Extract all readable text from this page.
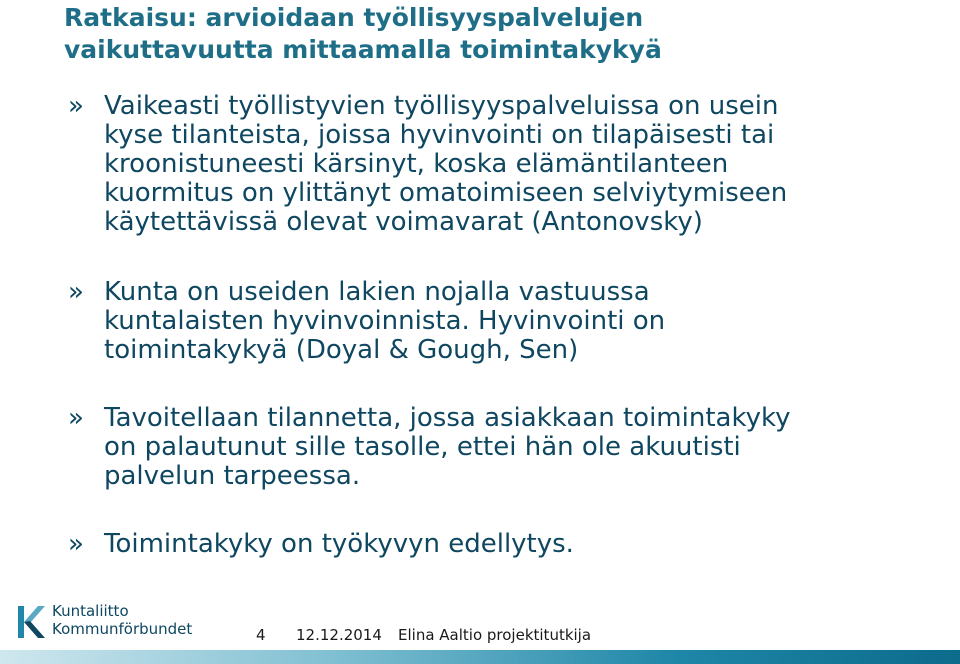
Ratkaisu: arvioidaan työllisyyspalvelujen
vaikuttavuutta mittaamalla toimintakykyä
» Vaikeasti työllistyvien työllisyyspalveluissa on usein
kyse tilanteista, joissa hyvinvointi on tilapäisesti tai
kroonistuneesti kärsinyt, koska elämäntilanteen
kuormitus on ylittänyt omatoimiseen selviytymiseen
käytettävissä olevat voimavarat (Antonovsky)
» Kunta on useiden lakien nojalla vastuussa
kuntalaisten hyvinvoinnista. Hyvinvointi on
toimintakykyä (Doyal & Gough, Sen)
» Tavoitellaan tilannetta, jossa asiakkaan toimintakyky
on palautunut sille tasolle, ettei hän ole akuutisti
palvelun tarpeessa.
» Toimintakyky on työkyvyn edellytys.
Kuntaliitto
Kommunförbundet	4 12.12.2014 Elina Aaltio projektitutkija
